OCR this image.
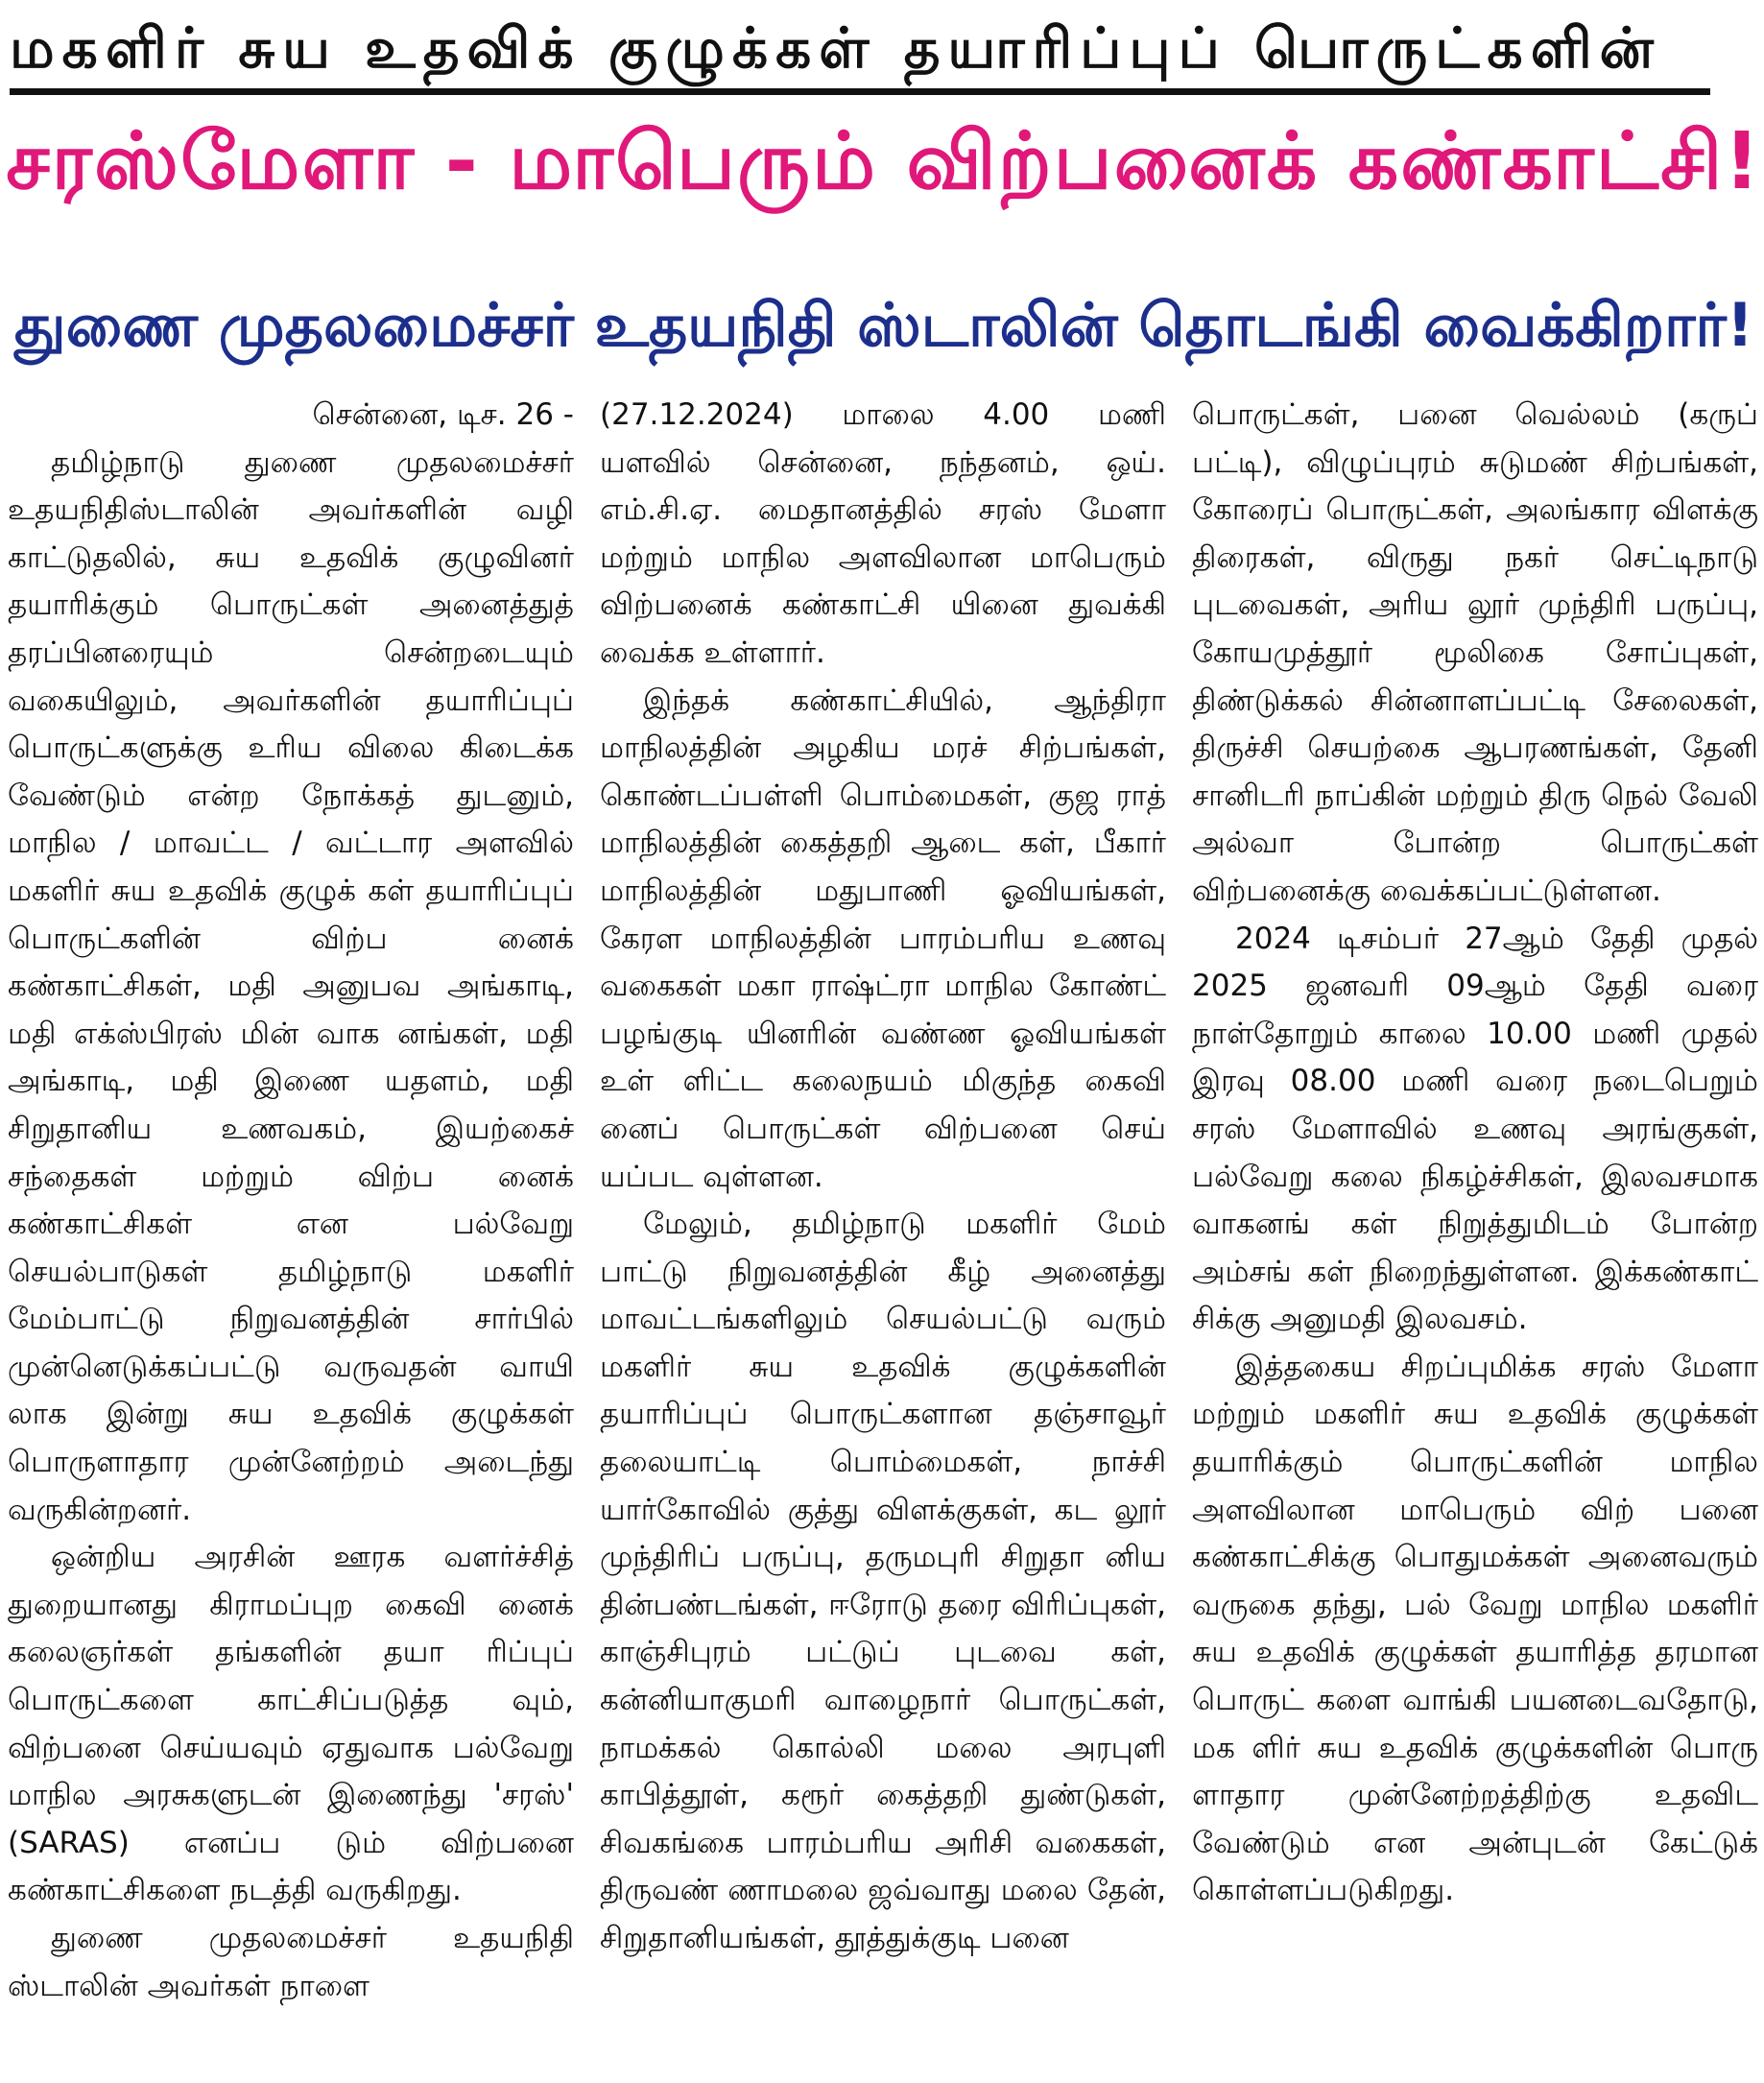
மகளிர் சுய உதவிக் குழுக்கள் தயாரிப்புப் பொருட்களின்
சரஸ்மேளா - மாபெரும் விற்பனைக் கண்காட்சி!
துணை முதலமைச்சர் உதயநிதி ஸ்டாலின் தொடங்கி வைக்கிறார்!
சென்னை, டிச. 26 -

தமிழ்நாடு துணை முதலமைச்சர் உதயநிதிஸ்டாலின் அவர்களின் வழி காட்டுதலில், சுய உதவிக் குழுவினர் தயாரிக்கும் பொருட்கள் அனைத்துத் தரப்பினரையும் சென்றடையும் வகையிலும், அவர்களின் தயாரிப்புப் பொருட்களுக்கு உரிய விலை கிடைக்க வேண்டும் என்ற நோக்கத் துடனும், மாநில / மாவட்ட / வட்டார அளவில் மகளிர் சுய உதவிக் குழுக் கள் தயாரிப்புப் பொருட்களின் விற்ப னைக் கண்காட்சிகள், மதி அனுபவ அங்காடி, மதி எக்ஸ்பிரஸ் மின் வாக னங்கள், மதி அங்காடி, மதி இணை யதளம், மதி சிறுதானிய உணவகம், இயற்கைச் சந்தைகள் மற்றும் விற்ப னைக் கண்காட்சிகள் என பல்வேறு செயல்பாடுகள் தமிழ்நாடு மகளிர் மேம்பாட்டு நிறுவனத்தின் சார்பில் முன்னெடுக்கப்பட்டு வருவதன் வாயி லாக இன்று சுய உதவிக் குழுக்கள் பொருளாதார முன்னேற்றம் அடைந்து வருகின்றனர்.

ஒன்றிய அரசின் ஊரக வளர்ச்சித் துறையானது கிராமப்புற கைவி னைக் கலைஞர்கள் தங்களின் தயா ரிப்புப் பொருட்களை காட்சிப்படுத்த வும், விற்பனை செய்யவும் ஏதுவாக பல்வேறு மாநில அரசுகளுடன் இணைந்து 'சரஸ்' (SARAS) எனப்ப டும் விற்பனை கண்காட்சிகளை நடத்தி வருகிறது.

துணை முதலமைச்சர் உதயநிதி ஸ்டாலின் அவர்கள் நாளை

(27.12.2024) மாலை 4.00 மணி யளவில் சென்னை, நந்தனம், ஒய். எம்.சி.ஏ. மைதானத்தில் சரஸ் மேளா மற்றும் மாநில அளவிலான மாபெரும் விற்பனைக் கண்காட்சி யினை துவக்கி வைக்க உள்ளார்.

இந்தக் கண்காட்சியில், ஆந்திரா மாநிலத்தின் அழகிய மரச் சிற்பங்கள், கொண்டப்பள்ளி பொம்மைகள், குஜ ராத் மாநிலத்தின் கைத்தறி ஆடை கள், பீகார் மாநிலத்தின் மதுபாணி ஓவியங்கள், கேரள மாநிலத்தின் பாரம்பரிய உணவு வகைகள் மகா ராஷ்ட்ரா மாநில கோண்ட் பழங்குடி யினரின் வண்ண ஓவியங்கள் உள் ளிட்ட கலைநயம் மிகுந்த கைவி னைப் பொருட்கள் விற்பனை செய் யப்பட வுள்ளன.

மேலும், தமிழ்நாடு மகளிர் மேம் பாட்டு நிறுவனத்தின் கீழ் அனைத்து மாவட்டங்களிலும் செயல்பட்டு வரும் மகளிர் சுய உதவிக் குழுக்களின் தயாரிப்புப் பொருட்களான தஞ்சாவூர் தலையாட்டி பொம்மைகள், நாச்சி யார்கோவில் குத்து விளக்குகள், கட லூர் முந்திரிப் பருப்பு, தருமபுரி சிறுதா னிய தின்பண்டங்கள், ஈரோடு தரை விரிப்புகள், காஞ்சிபுரம் பட்டுப் புடவை கள், கன்னியாகுமரி வாழைநார் பொருட்கள், நாமக்கல் கொல்லி மலை அரபுளி காபித்தூள், கரூர் கைத்தறி துண்டுகள், சிவகங்கை பாரம்பரிய அரிசி வகைகள், திருவண் ணாமலை ஜவ்வாது மலை தேன், சிறுதானியங்கள், தூத்துக்குடி பனை

பொருட்கள், பனை வெல்லம் (கருப் பட்டி), விழுப்புரம் சுடுமண் சிற்பங்கள், கோரைப் பொருட்கள், அலங்கார விளக்கு திரைகள், விருது நகர் செட்டிநாடு புடவைகள், அரிய லூர் முந்திரி பருப்பு, கோயமுத்தூர் மூலிகை சோப்புகள், திண்டுக்கல் சின்னாளப்பட்டி சேலைகள், திருச்சி செயற்கை ஆபரணங்கள், தேனி சானிடரி நாப்கின் மற்றும் திரு நெல் வேலி அல்வா போன்ற பொருட்கள் விற்பனைக்கு வைக்கப்பட்டுள்ளன.

2024 டிசம்பர் 27ஆம் தேதி முதல் 2025 ஜனவரி 09ஆம் தேதி வரை நாள்தோறும் காலை 10.00 மணி முதல் இரவு 08.00 மணி வரை நடைபெறும் சரஸ் மேளாவில் உணவு அரங்குகள், பல்வேறு கலை நிகழ்ச்சிகள், இலவசமாக வாகனங் கள் நிறுத்துமிடம் போன்ற அம்சங் கள் நிறைந்துள்ளன. இக்கண்காட் சிக்கு அனுமதி இலவசம்.

இத்தகைய சிறப்புமிக்க சரஸ் மேளா மற்றும் மகளிர் சுய உதவிக் குழுக்கள் தயாரிக்கும் பொருட்களின் மாநில அளவிலான மாபெரும் விற் பனை கண்காட்சிக்கு பொதுமக்கள் அனைவரும் வருகை தந்து, பல் வேறு மாநில மகளிர் சுய உதவிக் குழுக்கள் தயாரித்த தரமான பொருட் களை வாங்கி பயனடைவதோடு, மக ளிர் சுய உதவிக் குழுக்களின் பொரு ளாதார முன்னேற்றத்திற்கு உதவிட வேண்டும் என அன்புடன் கேட்டுக் கொள்ளப்படுகிறது.
